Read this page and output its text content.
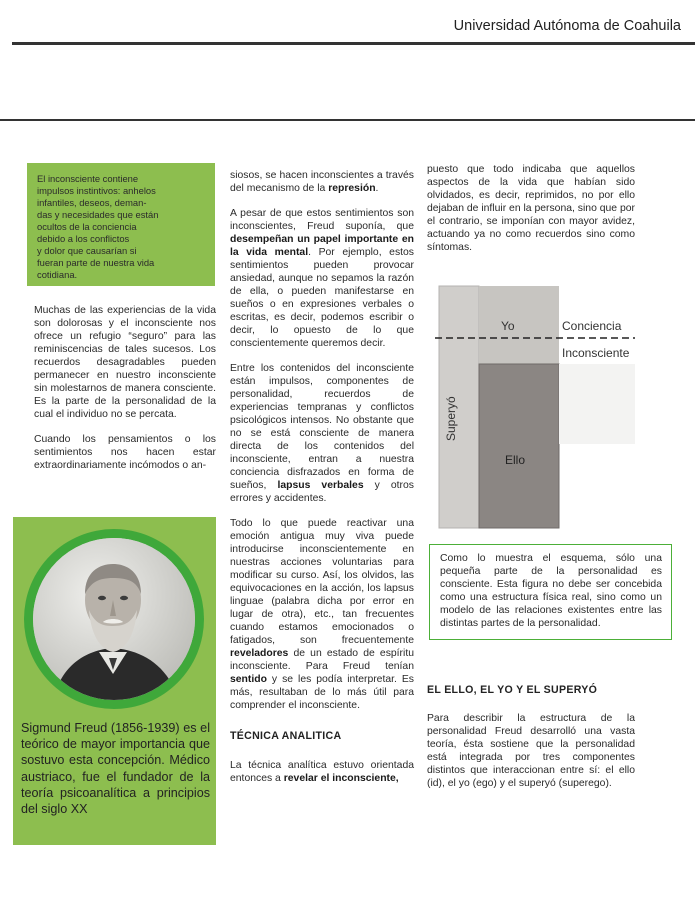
Universidad Autónoma de Coahuila

El inconsciente contiene
impulsos instintivos: anhelos
infantiles, deseos, deman-
das y necesidades que están
ocultos de la conciencia
debido a los conflictos
y dolor que causarían si
fueran parte de nuestra vida
cotidiana.

Muchas de las experiencias de la vida son dolorosas y el inconsciente nos ofrece un refugio “seguro” para las reminiscencias de tales sucesos. Los recuerdos desagradables pueden permanecer en nuestro inconsciente sin molestarnos de manera consciente. Es la parte de la personalidad de la cual el individuo no se percata.

Cuando los pensamientos o los sentimientos nos hacen estar extraordinariamente incómodos o an-

Sigmund Freud (1856-1939) es el teórico de mayor importancia que sostuvo esta concepción. Médico austriaco, fue el fundador de la teoría psicoanalítica a principios del siglo XX

siosos, se hacen inconscientes a través del mecanismo de la represión.

A pesar de que estos sentimientos son inconscientes, Freud suponía, que desempeñan un papel importante en la vida mental. Por ejemplo, estos sentimientos pueden provocar ansiedad, aunque no sepamos la razón de ella, o pueden manifestarse en sueños o en expresiones verbales o escritas, es decir, podemos escribir o decir, lo opuesto de lo que conscientemente queremos decir.

Entre los contenidos del inconsciente están impulsos, componentes de personalidad, recuerdos de experiencias tempranas y conflictos psicológicos intensos. No obstante que no se está consciente de manera directa de los contenidos del inconsciente, entran a nuestra conciencia disfrazados en forma de sueños, lapsus verbales y otros errores y accidentes.

Todo lo que puede reactivar una emoción antigua muy viva puede introducirse inconscientemente en nuestras acciones voluntarias para modificar su curso. Así, los olvidos, las equivocaciones en la acción, los lapsus linguae (palabra dicha por error en lugar de otra), etc., tan frecuentes cuando estamos emocionados o fatigados, son frecuentemente reveladores de un estado de espíritu inconsciente. Para Freud tenían sentido y se les podía interpretar. Es más, resultaban de lo más útil para comprender el inconsciente.

TÉCNICA ANALITICA

La técnica analítica estuvo orientada entonces a revelar el inconsciente,

puesto que todo indicaba que aquellos aspectos de la vida que habían sido olvidados, es decir, reprimidos, no por ello dejaban de influir en la persona, sino que por el contrario, se imponían con mayor avidez, actuando ya no como recuerdos sino como síntomas.

Yo	Conciencia
Inconsciente
Ello
Superyó

Como lo muestra el esquema, sólo una pequeña parte de la personalidad es consciente. Esta figura no debe ser concebida como una estructura física real, sino como un modelo de las relaciones existentes entre las distintas partes de la personalidad.

EL ELLO, EL YO Y EL SUPERYÓ

Para describir la estructura de la personalidad Freud desarrolló una vasta teoría, ésta sostiene que la personalidad está integrada por tres componentes distintos que interaccionan entre sí: el ello (id), el yo (ego) y el superyó (superego).
